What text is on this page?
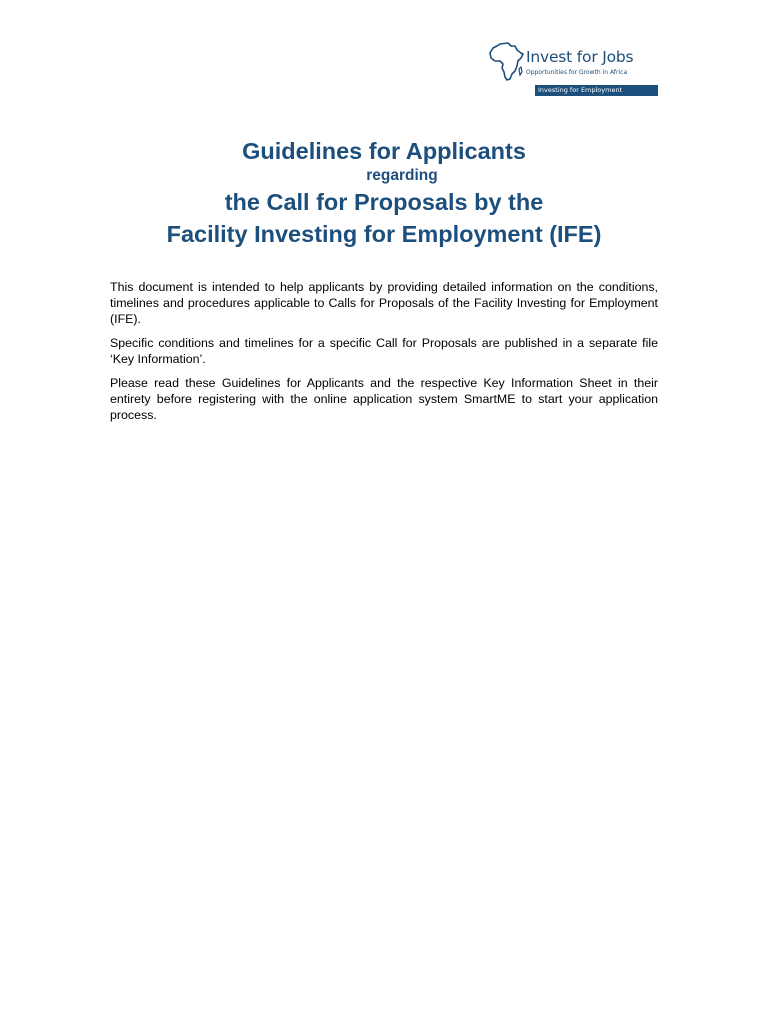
Invest for Jobs
Opportunities for Growth in Africa
Investing for Employment

Guidelines for Applicants

regarding

the Call for Proposals by the

Facility Investing for Employment (IFE)

This document is intended to help applicants by providing detailed information on the conditions, timelines and procedures applicable to Calls for Proposals of the Facility Investing for Employment (IFE).

Specific conditions and timelines for a specific Call for Proposals are published in a separate file ‘Key Information’.

Please read these Guidelines for Applicants and the respective Key Information Sheet in their entirety before registering with the online application system SmartME to start your application process.
